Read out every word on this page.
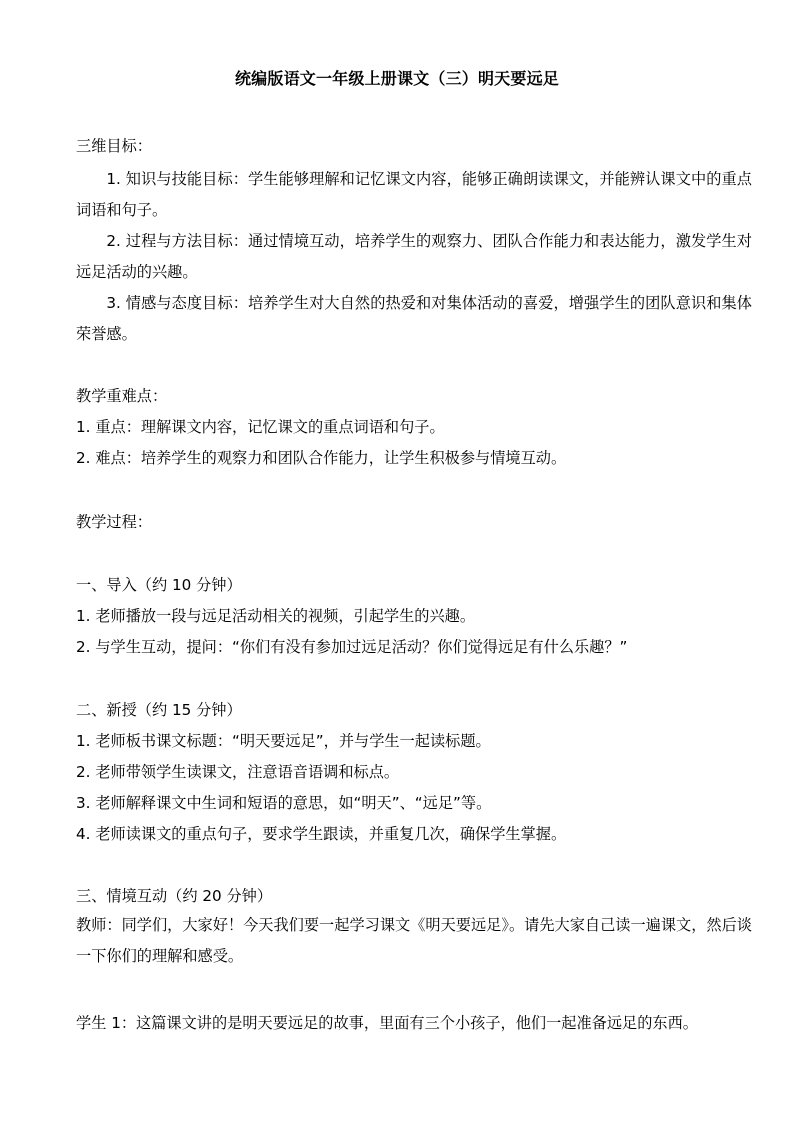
统编版语文一年级上册课文（三）明天要远足
三维目标：
1. 知识与技能目标：学生能够理解和记忆课文内容，能够正确朗读课文，并能辨认课文中的重点词语和句子。
2. 过程与方法目标：通过情境互动，培养学生的观察力、团队合作能力和表达能力，激发学生对远足活动的兴趣。
3. 情感与态度目标：培养学生对大自然的热爱和对集体活动的喜爱，增强学生的团队意识和集体荣誉感。
教学重难点：
1. 重点：理解课文内容，记忆课文的重点词语和句子。
2. 难点：培养学生的观察力和团队合作能力，让学生积极参与情境互动。
教学过程：
一、导入（约 10 分钟）
1. 老师播放一段与远足活动相关的视频，引起学生的兴趣。
2. 与学生互动，提问：“你们有没有参加过远足活动？你们觉得远足有什么乐趣？”
二、新授（约 15 分钟）
1. 老师板书课文标题：“明天要远足”，并与学生一起读标题。
2. 老师带领学生读课文，注意语音语调和标点。
3. 老师解释课文中生词和短语的意思，如“明天”、“远足”等。
4. 老师读课文的重点句子，要求学生跟读，并重复几次，确保学生掌握。
三、情境互动（约 20 分钟）
教师：同学们，大家好！今天我们要一起学习课文《明天要远足》。请先大家自己读一遍课文，然后谈一下你们的理解和感受。
学生 1：这篇课文讲的是明天要远足的故事，里面有三个小孩子，他们一起准备远足的东西。
